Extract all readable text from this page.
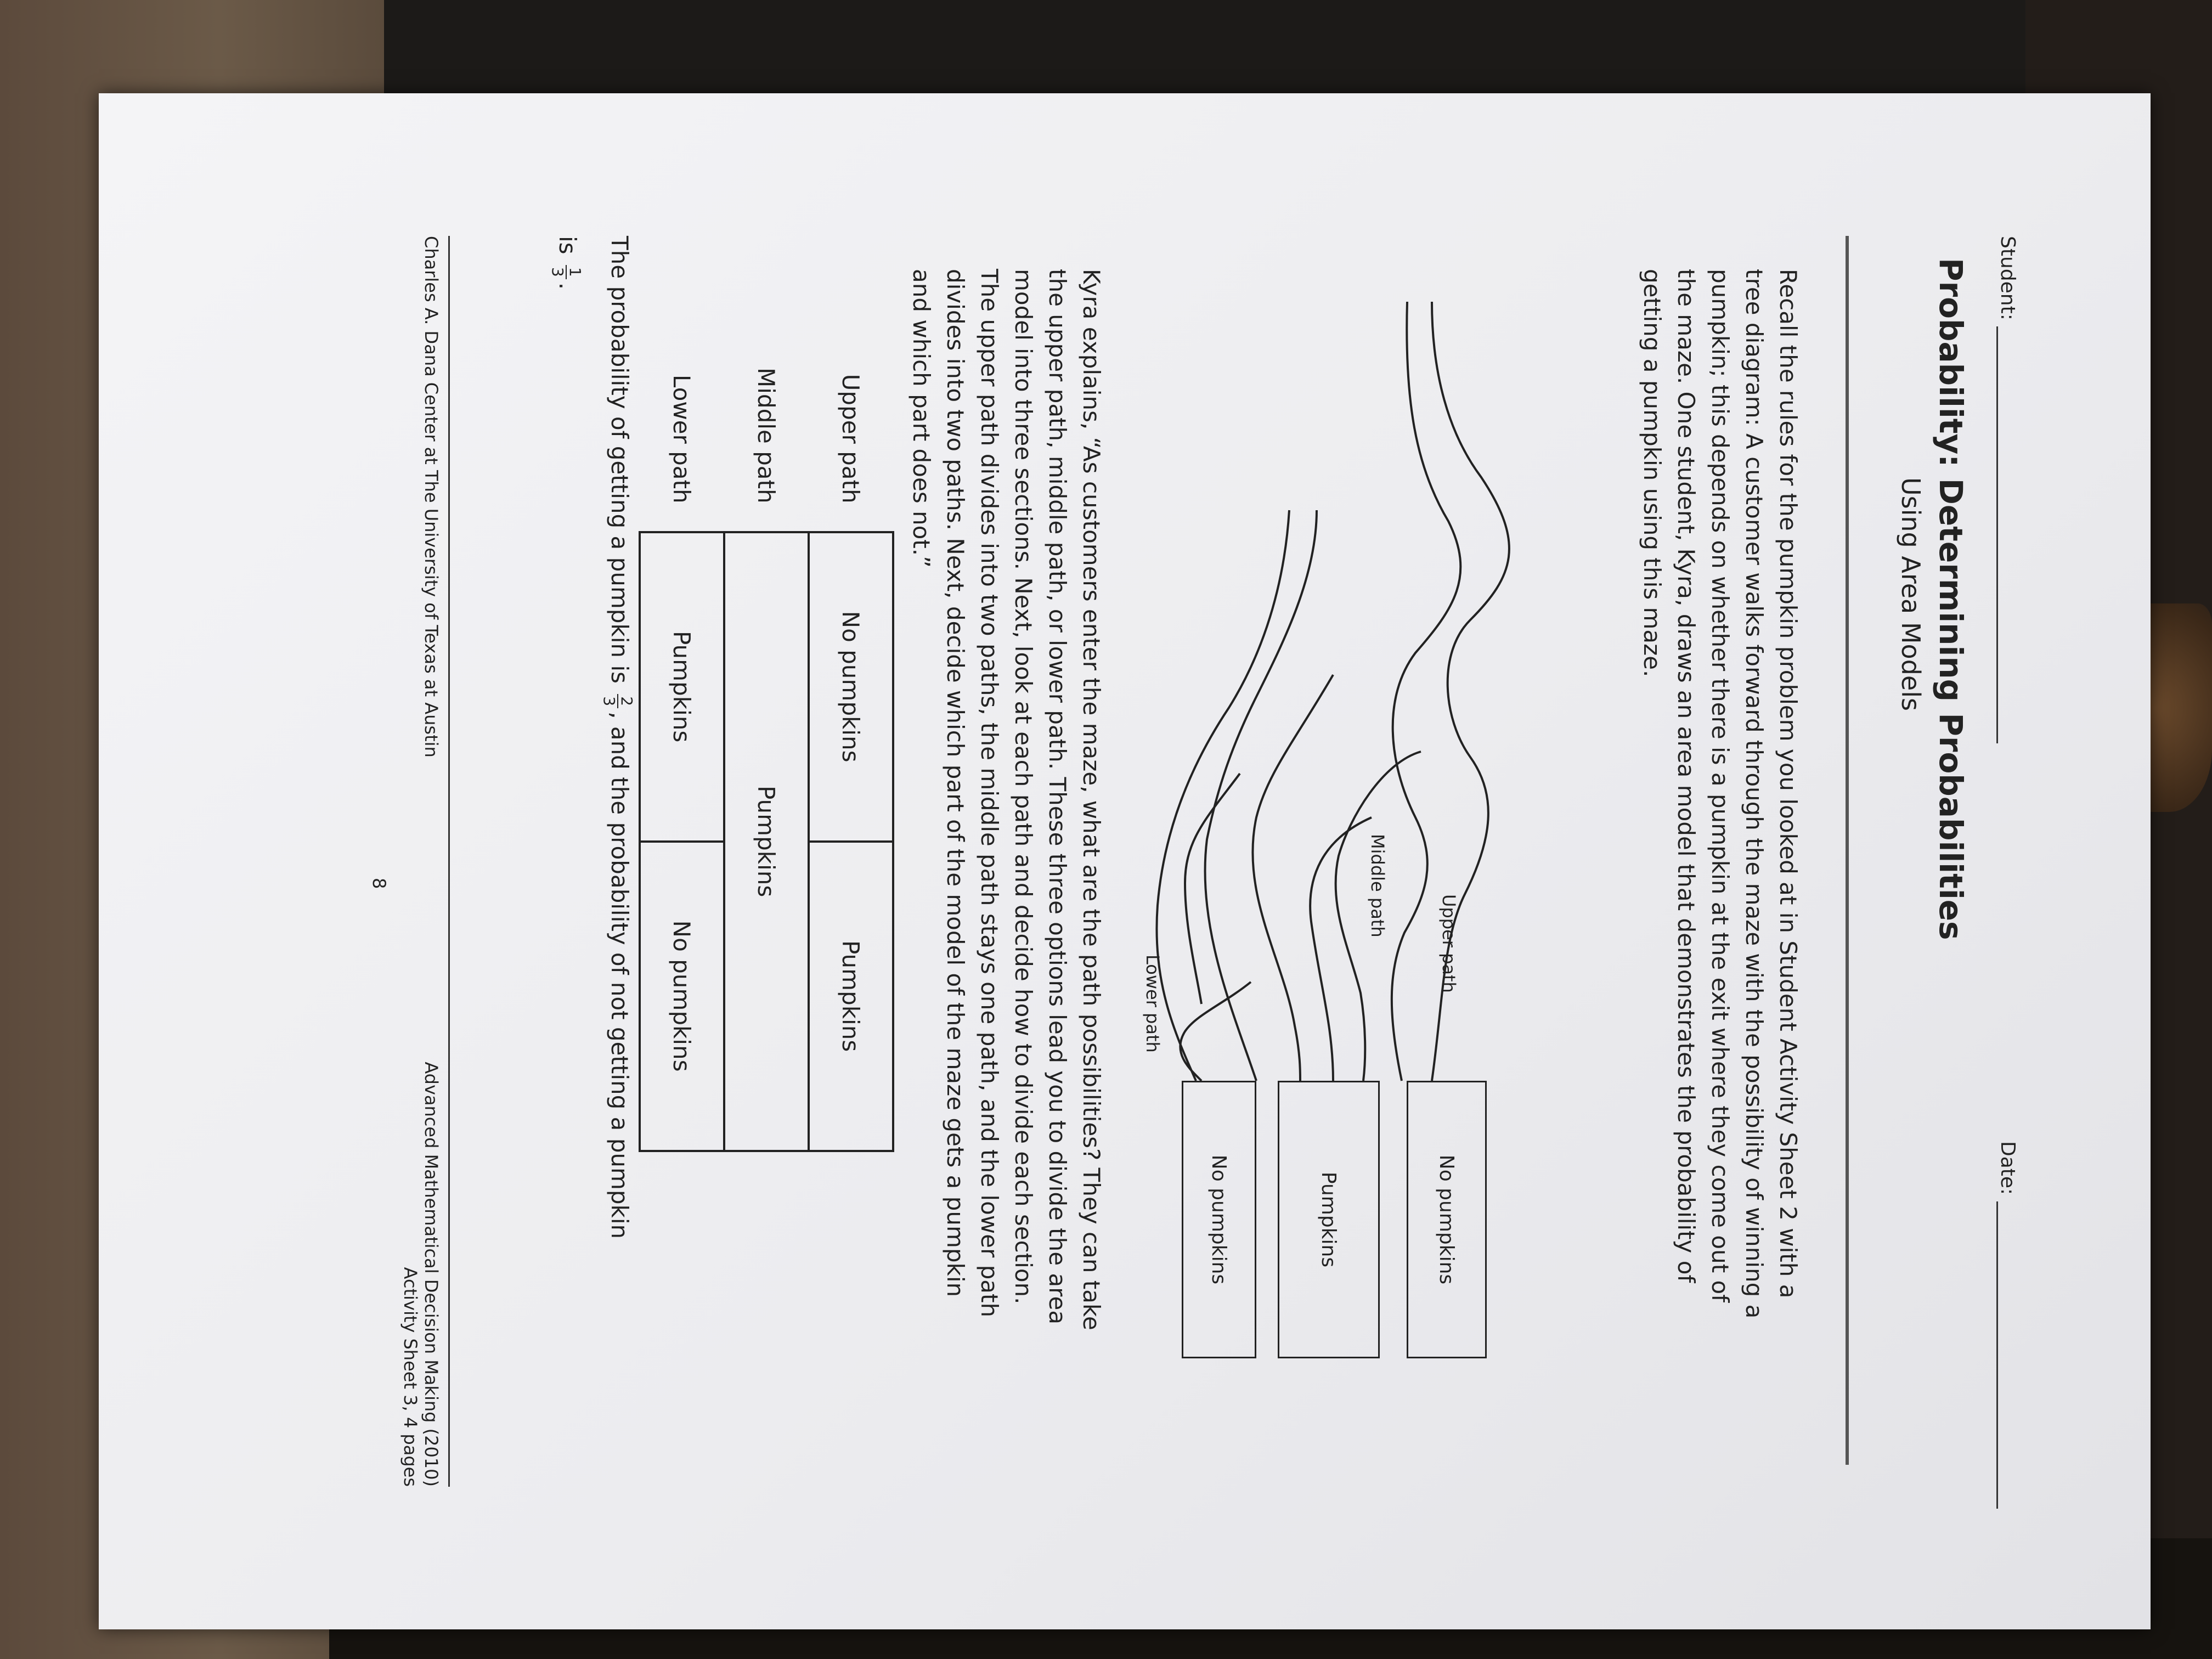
Student:
Date:
Probability: Determining Probabilities
Using Area Models
Recall the rules for the pumpkin problem you looked at in Student Activity Sheet 2 with a
tree diagram: A customer walks forward through the maze with the possibility of winning a
pumpkin; this depends on whether there is a pumpkin at the exit where they come out of
the maze. One student, Kyra, draws an area model that demonstrates the probability of
getting a pumpkin using this maze.
No pumpkins
Pumpkins
No pumpkins
Upper path
Middle path
Lower path
Kyra explains, “As customers enter the maze, what are the path possibilities? They can take
the upper path, middle path, or lower path. These three options lead you to divide the area
model into three sections. Next, look at each path and decide how to divide each section.
The upper path divides into two paths, the middle path stays one path, and the lower path
divides into two paths. Next, decide which part of the model of the maze gets a pumpkin
and which part does not.”
Upper path	No pumpkins	Pumpkins
Middle path	Pumpkins	
Lower path	Pumpkins	No pumpkins
The probability of getting a pumpkin is
2
3
, and the probability of not getting a pumpkin
is
1
3
.
Charles A. Dana Center at The University of Texas at Austin
Advanced Mathematical Decision Making (2010)
Activity Sheet 3, 4 pages
8
